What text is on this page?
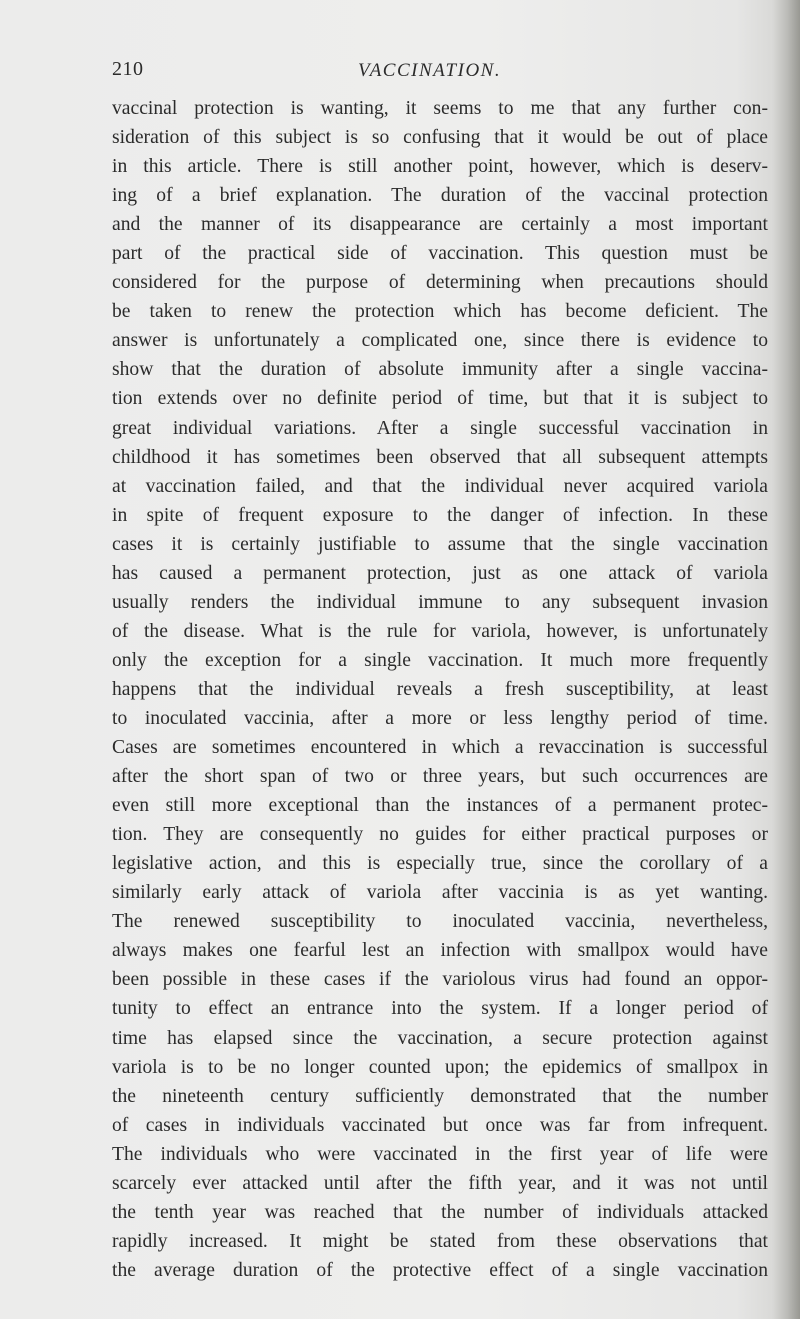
210	VACCINATION.
vaccinal protection is wanting, it seems to me that any further con-
sideration of this subject is so confusing that it would be out of place
in this article. There is still another point, however, which is deserv-
ing of a brief explanation. The duration of the vaccinal protection
and the manner of its disappearance are certainly a most important
part of the practical side of vaccination. This question must be
considered for the purpose of determining when precautions should
be taken to renew the protection which has become deficient. The
answer is unfortunately a complicated one, since there is evidence to
show that the duration of absolute immunity after a single vaccina-
tion extends over no definite period of time, but that it is subject to
great individual variations. After a single successful vaccination in
childhood it has sometimes been observed that all subsequent attempts
at vaccination failed, and that the individual never acquired variola
in spite of frequent exposure to the danger of infection. In these
cases it is certainly justifiable to assume that the single vaccination
has caused a permanent protection, just as one attack of variola
usually renders the individual immune to any subsequent invasion
of the disease. What is the rule for variola, however, is unfortunately
only the exception for a single vaccination. It much more frequently
happens that the individual reveals a fresh susceptibility, at least
to inoculated vaccinia, after a more or less lengthy period of time.
Cases are sometimes encountered in which a revaccination is successful
after the short span of two or three years, but such occurrences are
even still more exceptional than the instances of a permanent protec-
tion. They are consequently no guides for either practical purposes or
legislative action, and this is especially true, since the corollary of a
similarly early attack of variola after vaccinia is as yet wanting.
The renewed susceptibility to inoculated vaccinia, nevertheless,
always makes one fearful lest an infection with smallpox would have
been possible in these cases if the variolous virus had found an oppor-
tunity to effect an entrance into the system. If a longer period of
time has elapsed since the vaccination, a secure protection against
variola is to be no longer counted upon; the epidemics of smallpox in
the nineteenth century sufficiently demonstrated that the number
of cases in individuals vaccinated but once was far from infrequent.
The individuals who were vaccinated in the first year of life were
scarcely ever attacked until after the fifth year, and it was not until
the tenth year was reached that the number of individuals attacked
rapidly increased. It might be stated from these observations that
the average duration of the protective effect of a single vaccination
